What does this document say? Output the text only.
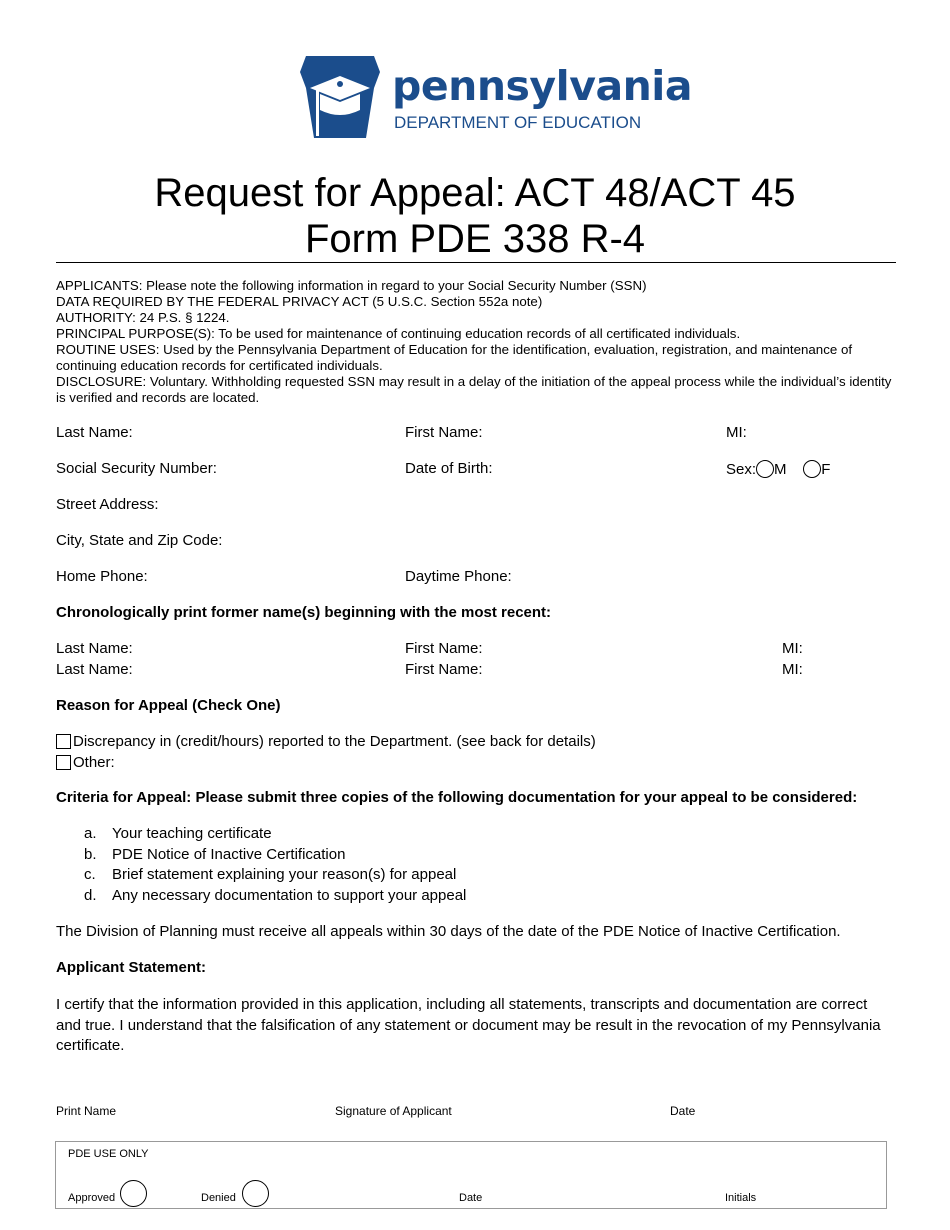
pennsylvania
DEPARTMENT OF EDUCATION
Request for Appeal: ACT 48/ACT 45
Form PDE 338 R-4
APPLICANTS: Please note the following information in regard to your Social Security Number (SSN)
DATA REQUIRED BY THE FEDERAL PRIVACY ACT (5 U.S.C. Section 552a note)
AUTHORITY: 24 P.S. § 1224.
PRINCIPAL PURPOSE(S): To be used for maintenance of continuing education records of all certificated individuals.
ROUTINE USES: Used by the Pennsylvania Department of Education for the identification, evaluation, registration, and maintenance of continuing education records for certificated individuals.
DISCLOSURE: Voluntary. Withholding requested SSN may result in a delay of the initiation of the appeal process while the individual’s identity is verified and records are located.
Last Name:	First Name:	MI:
Social Security Number:	Date of Birth:	Sex: M F
Street Address:
City, State and Zip Code:
Home Phone:	Daytime Phone:
Chronologically print former name(s) beginning with the most recent:
Last Name:	First Name:	MI:
Last Name:	First Name:	MI:
Reason for Appeal (Check One)
Discrepancy in (credit/hours) reported to the Department. (see back for details)
Other:
Criteria for Appeal: Please submit three copies of the following documentation for your appeal to be considered:
a. Your teaching certificate
b. PDE Notice of Inactive Certification
c. Brief statement explaining your reason(s) for appeal
d. Any necessary documentation to support your appeal
The Division of Planning must receive all appeals within 30 days of the date of the PDE Notice of Inactive Certification.
Applicant Statement:
I certify that the information provided in this application, including all statements, transcripts and documentation are correct and true. I understand that the falsification of any statement or document may be result in the revocation of my Pennsylvania certificate.
Print Name	Signature of Applicant	Date
PDE USE ONLY
Approved	Denied	Date	Initials
